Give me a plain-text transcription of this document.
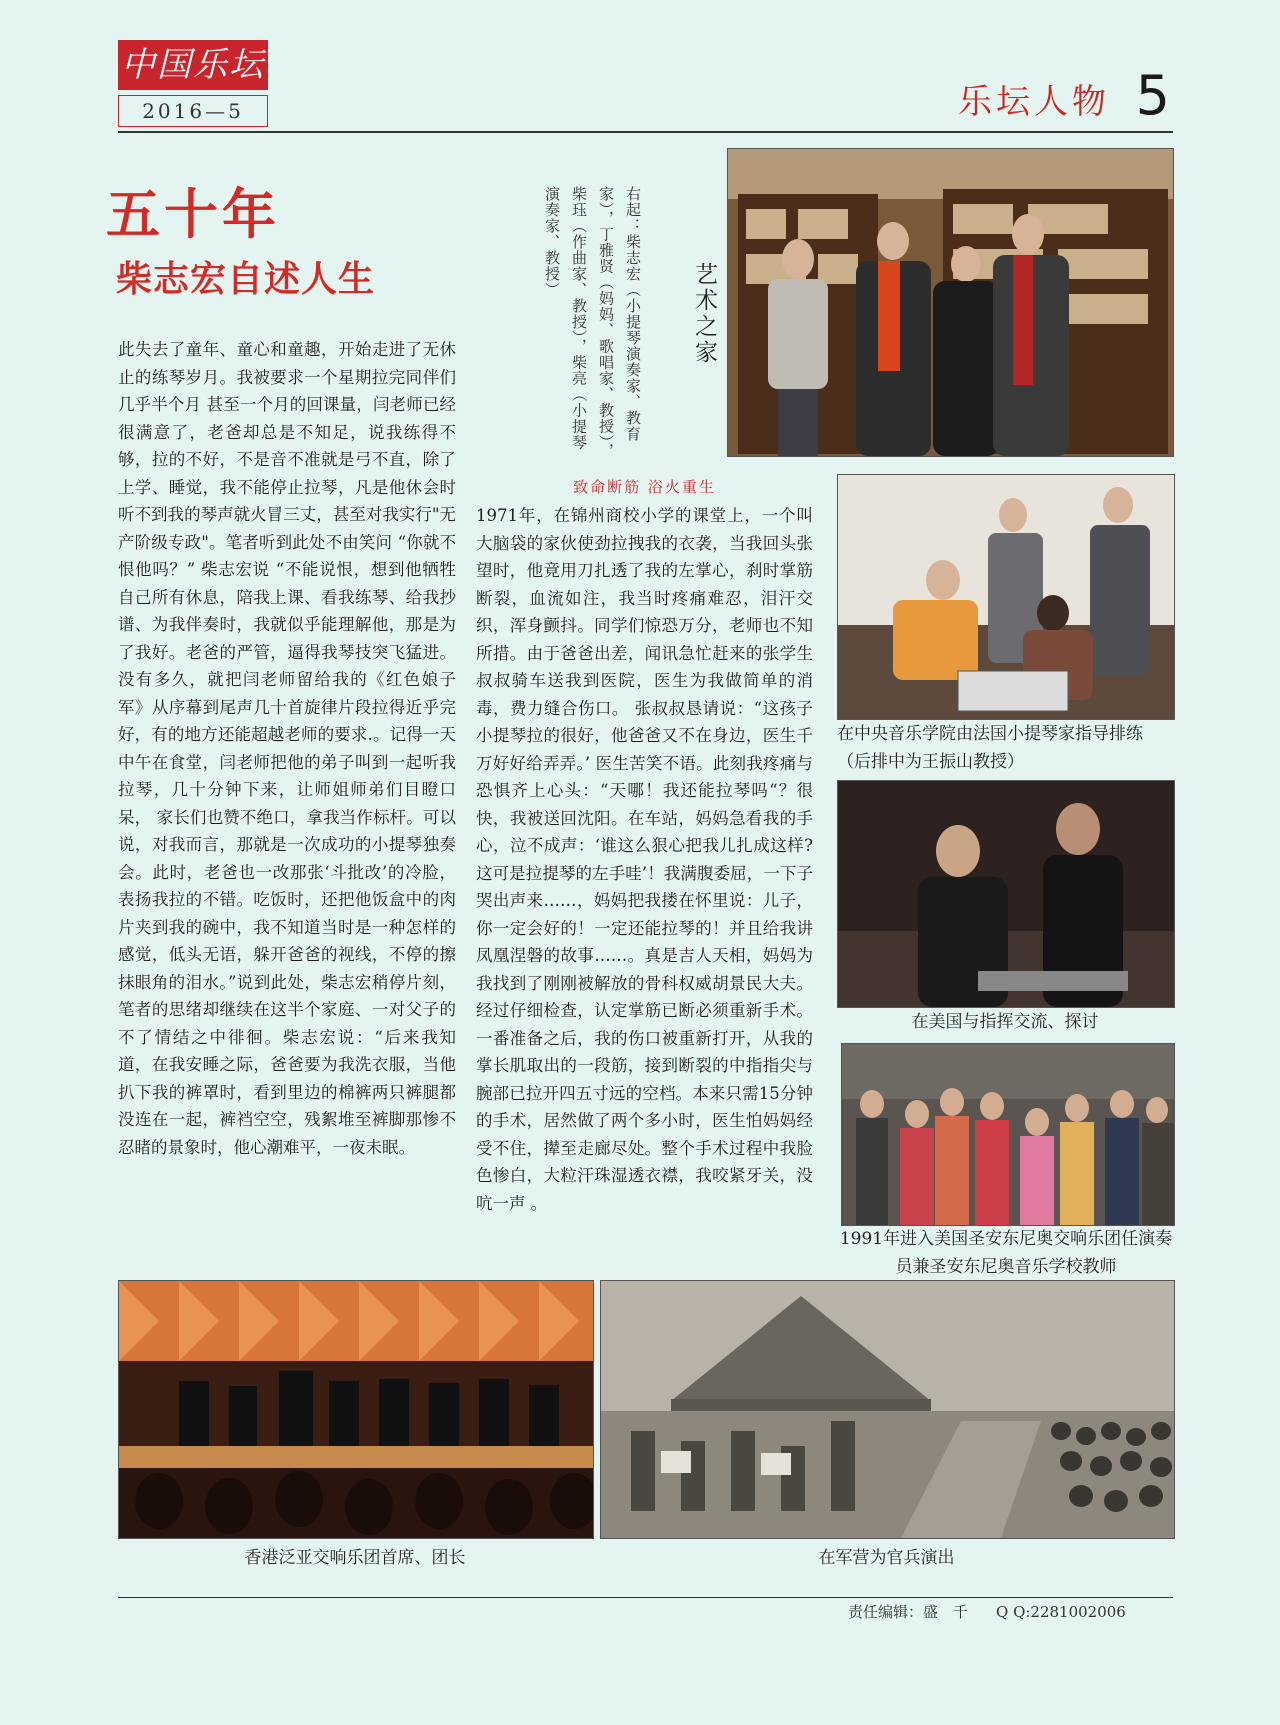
中国乐坛
2016—5	乐坛人物 5
五十年
柴志宏自述人生

此失去了童年、童心和童趣，开始走进了无休止的练琴岁月。我被要求一个星期拉完同伴们几乎半个月 甚至一个月的回课量，闫老师已经很满意了，老爸却总是不知足，说我练得不够，拉的不好，不是音不准就是弓不直，除了上学、睡觉，我不能停止拉琴，凡是他休会时听不到我的琴声就火冒三丈，甚至对我实行"无产阶级专政"。笔者听到此处不由笑问 “你就不恨他吗？” 柴志宏说 “不能说恨，想到他牺牲自己所有休息，陪我上课、看我练琴、给我抄谱、为我伴奏时，我就似乎能理解他，那是为了我好。老爸的严管，逼得我琴技突飞猛进。没有多久，就把闫老师留给我的《红色娘子军》从序幕到尾声几十首旋律片段拉得近乎完好，有的地方还能超越老师的要求.。记得一天中午在食堂，闫老师把他的弟子叫到一起听我拉琴，几十分钟下来，让师姐师弟们目瞪口呆， 家长们也赞不绝口，拿我当作标杆。可以说，对我而言，那就是一次成功的小提琴独奏会。此时，老爸也一改那张‘斗批改’的冷脸，表扬我拉的不错。吃饭时，还把他饭盒中的肉片夹到我的碗中，我不知道当时是一种怎样的感觉，低头无语，躲开爸爸的视线，不停的擦抹眼角的泪水。”说到此处，柴志宏稍停片刻，笔者的思绪却继续在这半个家庭、一对父子的不了情结之中徘徊。柴志宏说：“后来我知道，在我安睡之际，爸爸要为我洗衣服，当他扒下我的裤罩时，看到里边的棉裤两只裤腿都没连在一起，裤裆空空，残絮堆至裤脚那惨不忍睹的景象时，他心潮难平，一夜未眠。

艺术之家
右起：柴志宏（小提琴演奏家、教育家），丁雅贤（妈妈、歌唱家、教授），柴珏（作曲家、教授），柴亮（小提琴演奏家、教授）
致命断筋 浴火重生

1971年，在锦州商校小学的课堂上，一个叫大脑袋的家伙使劲拉拽我的衣袭，当我回头张望时，他竟用刀扎透了我的左掌心，刹时掌筋断裂，血流如注，我当时疼痛难忍，泪汗交织，浑身颤抖。同学们惊恐万分，老师也不知所措。由于爸爸出差，闻讯急忙赶来的张学生叔叔骑车送我到医院，医生为我做简单的消毒，费力缝合伤口。 张叔叔恳请说：“这孩子小提琴拉的很好，他爸爸又不在身边，医生千万好好给弄弄。’ 医生苦笑不语。此刻我疼痛与恐惧齐上心头：“天哪！我还能拉琴吗“？很快，我被送回沈阳。在车站，妈妈急看我的手心，泣不成声：‘谁这么狠心把我儿扎成这样?这可是拉提琴的左手哇’！我满腹委屈，一下子哭出声来……，妈妈把我搂在怀里说：儿子，你一定会好的！一定还能拉琴的！并且给我讲凤凰涅磐的故事……。真是吉人天相，妈妈为我找到了刚刚被解放的骨科权威胡景民大夫。经过仔细检查，认定掌筋已断必须重新手术。一番准备之后，我的伤口被重新打开，从我的掌长肌取出的一段筋，接到断裂的中指指尖与腕部已拉开四五寸远的空档。本来只需15分钟的手术，居然做了两个多小时，医生怕妈妈经受不住，撵至走廊尽处。整个手术过程中我脸色惨白，大粒汗珠湿透衣襟，我咬紧牙关，没吭一声 。

在中央音乐学院由法国小提琴家指导排练（后排中为王振山教授）

在美国与指挥交流、探讨

1991年进入美国圣安东尼奥交响乐团任演奏员兼圣安东尼奥音乐学校教师

香港泛亚交响乐团首席、团长	在军营为官兵演出

责任编辑：盛　千 Q Q:2281002006
